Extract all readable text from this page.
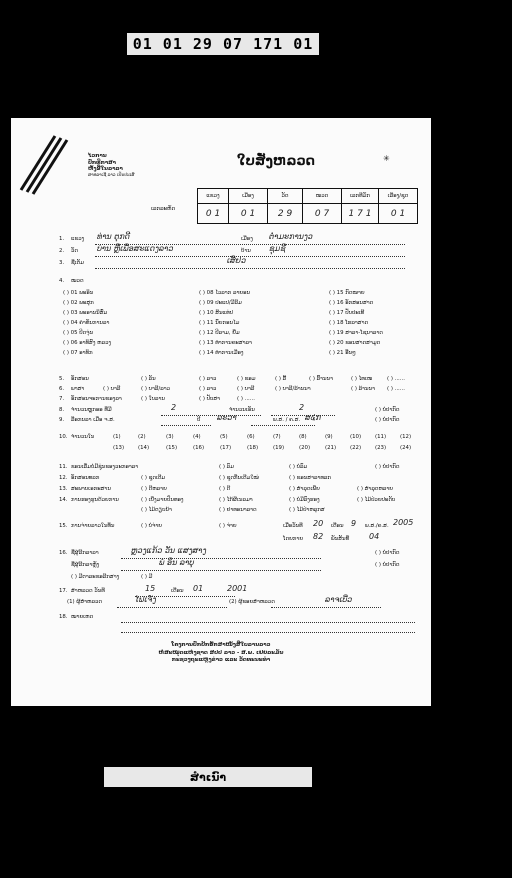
01 01 29 07 171 01
ໄວການ
ປົກທີ່ກາສາ
ຫັງອື່ໃນລາລາ
ສາທລາເຊີ ລາວ ເປັນປະເສີ
ໃບສັ່ງຫລວດ	✳
ເລກລະຫັດ
ແຂວງ	ເມືອງ	ວັດ	ໝວດ	ເລກທີມັກ	ເລືອງ/ຊຸດ
0 1	0 1	2 9	0 7	1 7 1	0 1
1. ແຂວງ ທ່ານ ຕຸກດີ	ເມືອງ ຕ່ຳມະການງວ
2. ວັດ ບ່ານ ຫຼືເພື່ອສະແດງລາວ	ບ້ານ ຊຸມຊີ
3. ຊື່ເຕັມ	ເສີ່ຢວ
4. ໝວດ
( ) 01 ພະອິນ
( ) 02 ພະສຸກ
( ) 03 ພະອານນິສົ່ມ
( ) 04 ຄຳທັນການລາ
( ) 05 ປິດຈຸ່ນ
( ) 06 ອາທິສົງ ຫລວງ
( ) 07 ອາທິກ
( ) 08 ໄວລາກ ລາຍອນ
( ) 09 ປະແປ/ມີລີມ
( ) 10 ສິນແທ່ປ
( ) 11 ນົ່ຍກອນໄມ
( ) 12 ປີລາມ, ຢຶ່ມ
( ) 13 ທຳການຄະສາລາ
( ) 14 ທຳການເມືອງ
( ) 15 ກົດໝາຍ
( ) 16 ອັກສອນສາດ
( ) 17 ປັບປະເທີ
( ) 18 ໂຮລາສາດ
( ) 19 ສາລາ-ໂຊນາລາດ
( ) 20 ຂອນສາດສາມູດ
( ) 21 ອື່ນໆ
5. ອັກສອນ	( ) ລັນ	( ) ລາວ	( ) ຂອມ	( ) ລື້	( ) ລົ້ານນາ	( ) ໄທເໜ	( ) ......
6. ພາສາ	( ) ບາລີ	( ) ບາລີ/ລາວ	( ) ລາວ	( ) ບາລີ	( ) ບາລີ/ລ້ານນາ	( ) ລ້ານນາ ( ) ......
7. ອັກສອນຈະການຂອງລາ	( ) ໃບລານ	( ) ປັບສາ	( ) ......
8. ຈຳນວນຫຼຸກອອ ທີ່ມີ	2	ຈຳນວນເອັນ	2	( ) ບໍ່ປາກົດ
9. ລືອກນລາ ເມື່ອ ຈ.ສ.	ປີ ລະວາ	ພ.ສ. / ຄ.ສ. ສ໔ກ	( ) ບໍ່ປາກົດ
10. ຈຳນວນໃນ	(1)	(2)	(3)	(4)	(5)	(6)	(7)	(8)	(9)	(10)	(11)	(12)
(13)	(14)	(15)	(16)	(17)	(18)	(19)	(20)	(21)	(22)	(23)	(24)
11. ຂອນເລື່ມບໍ່ມີຊຸ່ນຂອງວະກອາລາ	( ) ລົມ	( ) ບໍ່ລົມ	( ) ບໍ່ປາກົດ
12. ອັກສອນທລກ	( ) ຊູດເຕີມ	( ) ຊຸດກີ່ນເຕີມໃໝ່	( ) ຂອນສາລາທລກ
13. ສະພາບເອກະສານ	( ) ດີຫລາຍ	( ) ດີ	( ) ສຳລຸດເພີ່ຍ	( ) ສຳລຸດຫລາຍ
14. ການຮອງຮູນດ້ວຍການ	( ) ເບີ່ງມາຍປົນທອງ	( ) ໄກ້ຜີເນລມາ	( ) ບໍ່ມີລົງຮອງ	( ) ໄມ້ປ່ວຍປະດັບ
( ) ໄມ້ຕຽບນ້າ	( ) ຢາທອນາລາດ	( ) ໄມ້ປ່າຫລຸກສ
15. ການຈ່າຍລາວໃນທຶນ	( ) ບໍ່ຈ່າຍ	( ) ຈ່າຍ	ເມື່ອວັນທີ 20 ເດືອນ 9 ພ.ສ./ຄ.ສ. 2005
ໂດຍກາຍ 82 ພັນສັນທີ່ 04
16. ຊື່ຜູ້ລີກລາລາ	ຫຼວງແກ້ວ ວັນ ແສງສາງ	( ) ບໍ່ປາກົດ
ຊື່ຜູ້ລີກລາຫຼັງ	ພໍ ອິນ ລາບຸ	( ) ບໍ່ປາກົດ
( ) ມີຕາລະຂອລີກສາງ	( ) ມີ
17. ສຳຫລວດ ວັນທີ	15	ເດືອນ 01	2001
(1) ຜູ້ສຳຫລວດ	ໄຟເຈ໌ງ	(2) ຜູ້ຂອຍສຳຫລວດ	ລາຈເບີ່ວ
18. ໝາຍເຫດ
ໂຄງການປົກປັກຮັກສາໜັງສືໃບລານລາວ
ຫໍສະໝຸດແຫ່ງຊາດ ສປປ ລາວ - ສ.ພ. ເຢຍລະມັນ
ກະຊວງຖະແຫຼງຂ່າວ ແລະ ວັດທະນະທຳ
ສຳເນົາ
